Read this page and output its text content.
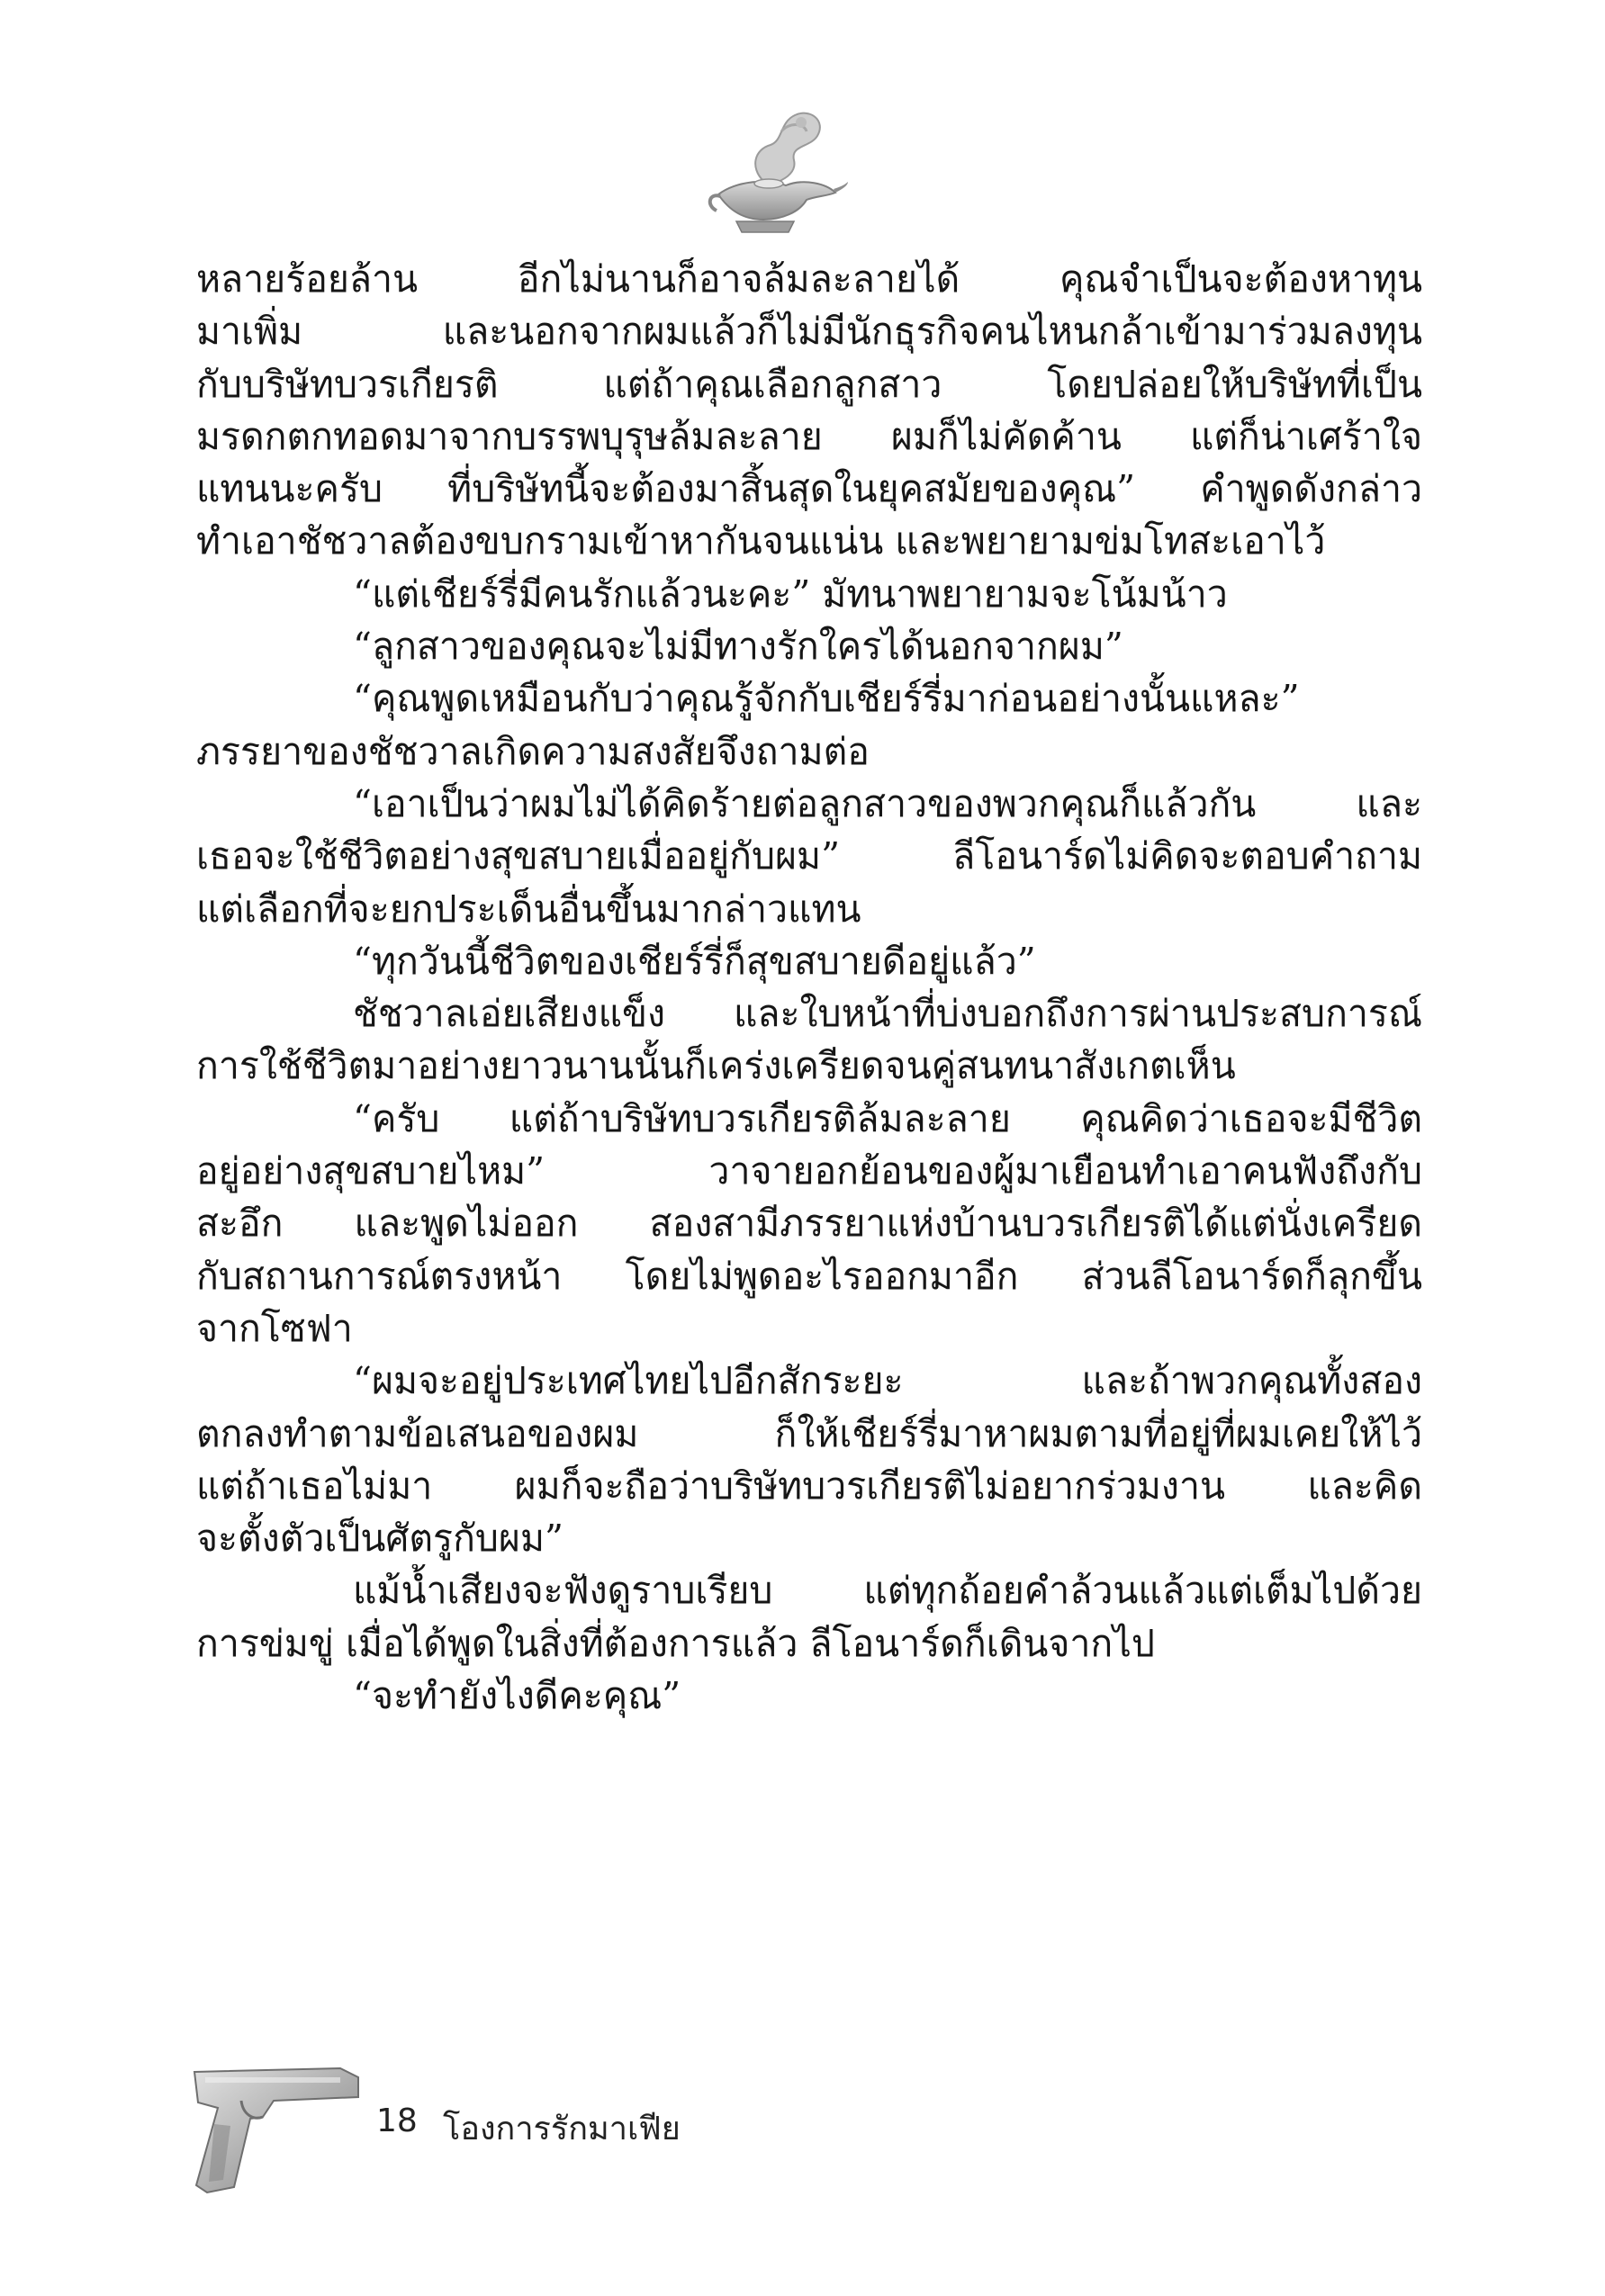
หลายร้อยล้าน อีกไม่นานก็อาจล้มละลายได้ คุณจำเป็นจะต้องหาทุน
มาเพิ่ม และนอกจากผมแล้วก็ไม่มีนักธุรกิจคนไหนกล้าเข้ามาร่วมลงทุน
กับบริษัทบวรเกียรติ แต่ถ้าคุณเลือกลูกสาว โดยปล่อยให้บริษัทที่เป็น
มรดกตกทอดมาจากบรรพบุรุษล้มละลาย ผมก็ไม่คัดค้าน แต่ก็น่าเศร้าใจ
แทนนะครับ ที่บริษัทนี้จะต้องมาสิ้นสุดในยุคสมัยของคุณ” คำพูดดังกล่าว
ทำเอาชัชวาลต้องขบกรามเข้าหากันจนแน่น และพยายามข่มโทสะเอาไว้
“แต่เชียร์รี่มีคนรักแล้วนะคะ” มัทนาพยายามจะโน้มน้าว
“ลูกสาวของคุณจะไม่มีทางรักใครได้นอกจากผม”
“คุณพูดเหมือนกับว่าคุณรู้จักกับเชียร์รี่มาก่อนอย่างนั้นแหละ”
ภรรยาของชัชวาลเกิดความสงสัยจึงถามต่อ
“เอาเป็นว่าผมไม่ได้คิดร้ายต่อลูกสาวของพวกคุณก็แล้วกัน และ
เธอจะใช้ชีวิตอย่างสุขสบายเมื่ออยู่กับผม” ลีโอนาร์ดไม่คิดจะตอบคำถาม
แต่เลือกที่จะยกประเด็นอื่นขึ้นมากล่าวแทน
“ทุกวันนี้ชีวิตของเชียร์รี่ก็สุขสบายดีอยู่แล้ว”
ชัชวาลเอ่ยเสียงแข็ง และใบหน้าที่บ่งบอกถึงการผ่านประสบการณ์
การใช้ชีวิตมาอย่างยาวนานนั้นก็เคร่งเครียดจนคู่สนทนาสังเกตเห็น
“ครับ แต่ถ้าบริษัทบวรเกียรติล้มละลาย คุณคิดว่าเธอจะมีชีวิต
อยู่อย่างสุขสบายไหม” วาจายอกย้อนของผู้มาเยือนทำเอาคนฟังถึงกับ
สะอึก และพูดไม่ออก สองสามีภรรยาแห่งบ้านบวรเกียรติได้แต่นั่งเครียด
กับสถานการณ์ตรงหน้า โดยไม่พูดอะไรออกมาอีก ส่วนลีโอนาร์ดก็ลุกขึ้น
จากโซฟา
“ผมจะอยู่ประเทศไทยไปอีกสักระยะ และถ้าพวกคุณทั้งสอง
ตกลงทำตามข้อเสนอของผม ก็ให้เชียร์รี่มาหาผมตามที่อยู่ที่ผมเคยให้ไว้
แต่ถ้าเธอไม่มา ผมก็จะถือว่าบริษัทบวรเกียรติไม่อยากร่วมงาน และคิด
จะตั้งตัวเป็นศัตรูกับผม”
แม้น้ำเสียงจะฟังดูราบเรียบ แต่ทุกถ้อยคำล้วนแล้วแต่เต็มไปด้วย
การข่มขู่ เมื่อได้พูดในสิ่งที่ต้องการแล้ว ลีโอนาร์ดก็เดินจากไป
“จะทำยังไงดีคะคุณ”
18 โองการรักมาเฟีย
